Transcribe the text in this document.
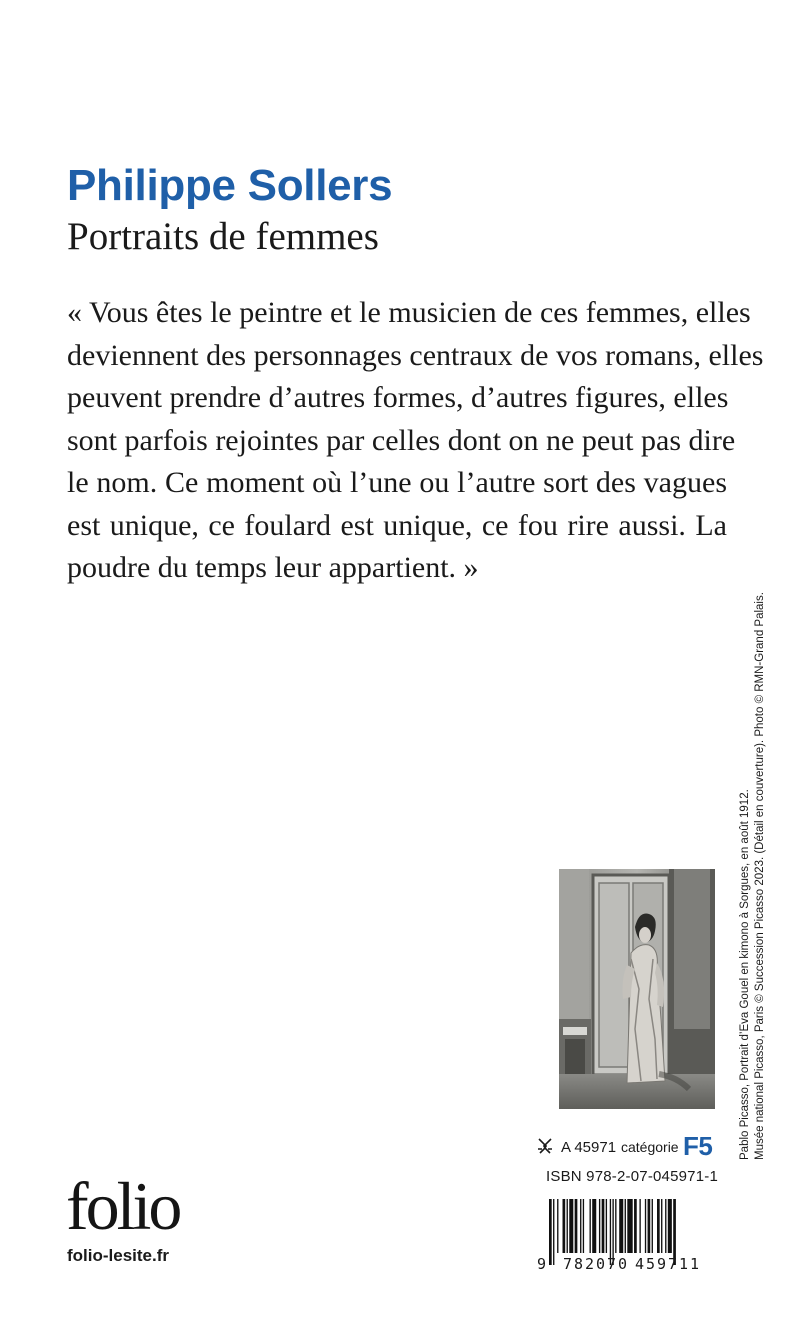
Philippe Sollers
Portraits de femmes
« Vous êtes le peintre et le musicien de ces femmes, elles
deviennent des personnages centraux de vos romans, elles
peuvent prendre d’autres formes, d’autres figures, elles
sont parfois rejointes par celles dont on ne peut pas dire
le nom. Ce moment où l’une ou l’autre sort des vagues
est unique, ce foulard est unique, ce fou rire aussi. La
poudre du temps leur appartient. »
Pablo Picasso, Portrait d’Eva Gouel en kimono à Sorgues, en août 1912. Musée national Picasso, Paris © Succession Picasso 2023. (Détail en couverture). Photo © RMN-Grand Palais.
A 45971 catégorie F5
ISBN 978-2-07-045971-1
9 782070 459711
folio
folio-lesite.fr
